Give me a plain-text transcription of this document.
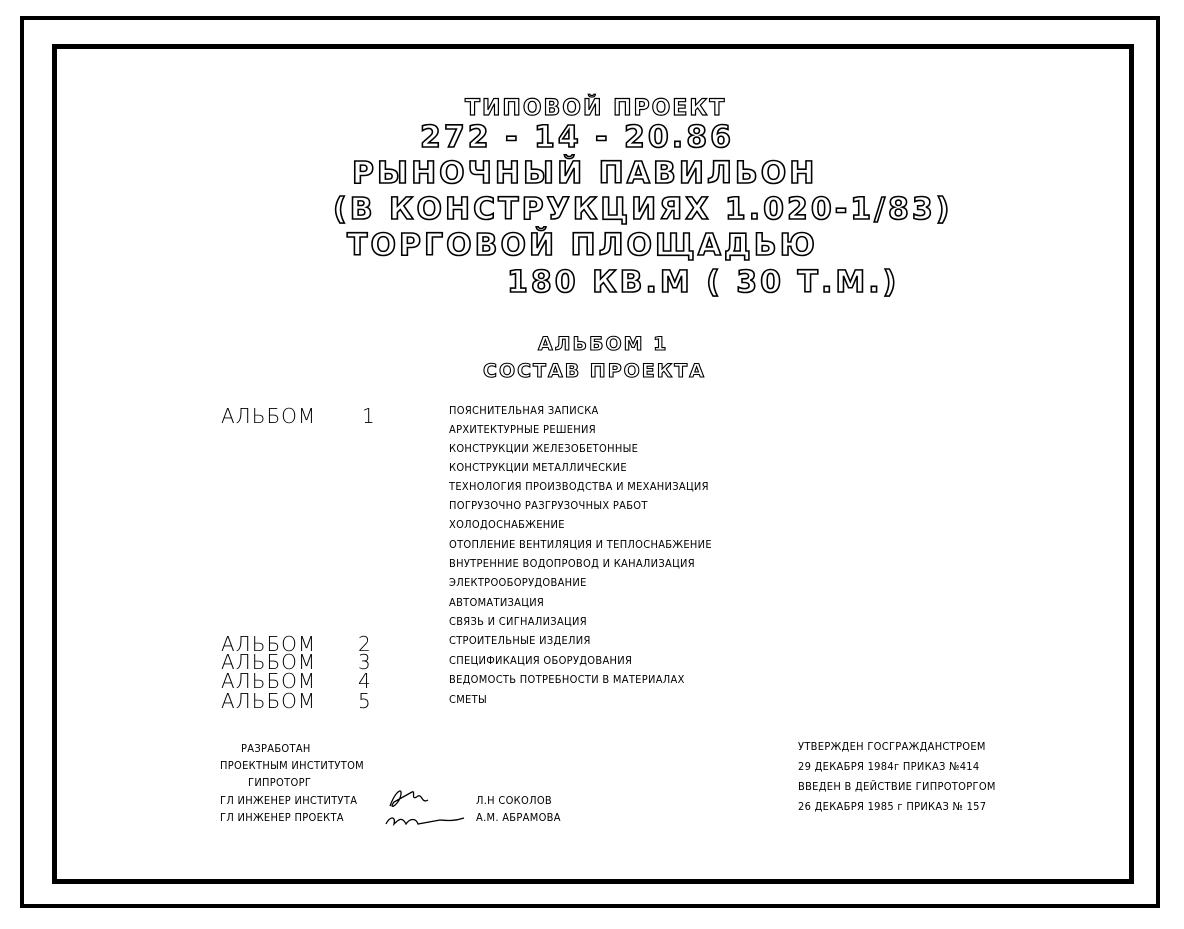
ТИПОВОЙ ПРОЕКТ
272 - 14 - 20.86
РЫНОЧНЫЙ ПАВИЛЬОН
(В КОНСТРУКЦИЯХ 1.020-1/83)
ТОРГОВОЙ ПЛОЩАДЬЮ
180 КВ.М ( 30 Т.М.)
АЛЬБОМ 1
СОСТАВ ПРОЕКТА
АЛЬБОМ 1
АЛЬБОМ 2
АЛЬБОМ 3
АЛЬБОМ 4
АЛЬБОМ 5
ПОЯСНИТЕЛЬНАЯ ЗАПИСКА
АРХИТЕКТУРНЫЕ РЕШЕНИЯ
КОНСТРУКЦИИ ЖЕЛЕЗОБЕТОННЫЕ
КОНСТРУКЦИИ МЕТАЛЛИЧЕСКИЕ
ТЕХНОЛОГИЯ ПРОИЗВОДСТВА И МЕХАНИЗАЦИЯ
ПОГРУЗОЧНО РАЗГРУЗОЧНЫХ РАБОТ
ХОЛОДОСНАБЖЕНИЕ
ОТОПЛЕНИЕ ВЕНТИЛЯЦИЯ И ТЕПЛОСНАБЖЕНИЕ
ВНУТРЕННИЕ ВОДОПРОВОД И КАНАЛИЗАЦИЯ
ЭЛЕКТРООБОРУДОВАНИЕ
АВТОМАТИЗАЦИЯ
СВЯЗЬ И СИГНАЛИЗАЦИЯ
СТРОИТЕЛЬНЫЕ ИЗДЕЛИЯ
СПЕЦИФИКАЦИЯ ОБОРУДОВАНИЯ
ВЕДОМОСТЬ ПОТРЕБНОСТИ В МАТЕРИАЛАХ
СМЕТЫ
РАЗРАБОТАН
ПРОЕКТНЫМ ИНСТИТУТОМ
ГИПРОТОРГ
ГЛ ИНЖЕНЕР ИНСТИТУТА	Л.Н СОКОЛОВ
ГЛ ИНЖЕНЕР ПРОЕКТА	А.М. АБРАМОВА
УТВЕРЖДЕН ГОСГРАЖДАНСТРОЕМ
29 ДЕКАБРЯ 1984г ПРИКАЗ №414
ВВЕДЕН В ДЕЙСТВИЕ ГИПРОТОРГОМ
26 ДЕКАБРЯ 1985 г ПРИКАЗ № 157
